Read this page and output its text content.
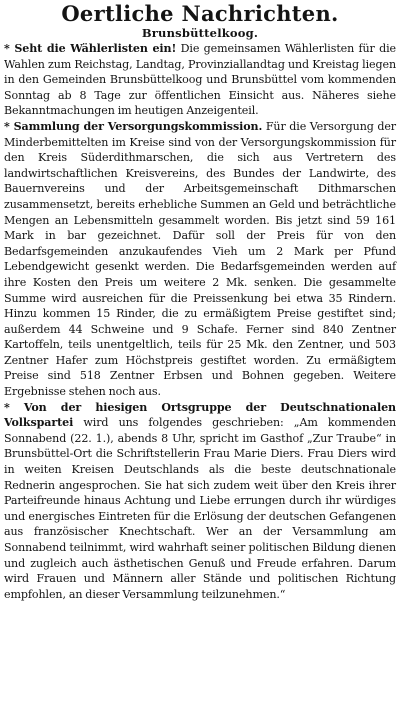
Oertliche Nachrichten.
Brunsbüttelkoog.

* Seht die Wählerlisten ein! Die gemeinsamen Wählerlisten für die Wahlen zum Reichstag, Landtag, Provinziallandtag und Kreistag liegen in den Gemeinden Brunsbüttelkoog und Brunsbüttel vom kommenden Sonntag ab 8 Tage zur öffentlichen Einsicht aus. Näheres siehe Bekanntmachungen im heutigen Anzeigenteil.

* Sammlung der Versorgungskommission. Für die Versorgung der Minderbemittelten im Kreise sind von der Versorgungskommission für den Kreis Süderdithmarschen, die sich aus Vertretern des landwirtschaftlichen Kreisvereins, des Bundes der Landwirte, des Bauernvereins und der Arbeitsgemeinschaft Dithmarschen zusammensetzt, bereits erhebliche Summen an Geld und beträchtliche Mengen an Lebensmitteln gesammelt worden. Bis jetzt sind 59 161 Mark in bar gezeichnet. Dafür soll der Preis für von den Bedarfsgemeinden anzukaufendes Vieh um 2 Mark per Pfund Lebendgewicht gesenkt werden. Die Bedarfsgemeinden werden auf ihre Kosten den Preis um weitere 2 Mk. senken. Die gesammelte Summe wird ausreichen für die Preissenkung bei etwa 35 Rindern. Hinzu kommen 15 Rinder, die zu ermäßigtem Preise gestiftet sind; außerdem 44 Schweine und 9 Schafe. Ferner sind 840 Zentner Kartoffeln, teils unentgeltlich, teils für 25 Mk. den Zentner, und 503 Zentner Hafer zum Höchstpreis gestiftet worden. Zu ermäßigtem Preise sind 518 Zentner Erbsen und Bohnen gegeben. Weitere Ergebnisse stehen noch aus.

* Von der hiesigen Ortsgruppe der Deutschnationalen Volkspartei wird uns folgendes geschrieben: „Am kommenden Sonnabend (22. 1.), abends 8 Uhr, spricht im Gasthof „Zur Traube“ in Brunsbüttel-Ort die Schriftstellerin Frau Marie Diers. Frau Diers wird in weiten Kreisen Deutschlands als die beste deutschnationale Rednerin angesprochen. Sie hat sich zudem weit über den Kreis ihrer Parteifreunde hinaus Achtung und Liebe errungen durch ihr würdiges und energisches Eintreten für die Erlösung der deutschen Gefangenen aus französischer Knechtschaft. Wer an der Versammlung am Sonnabend teilnimmt, wird wahrhaft seiner politischen Bildung dienen und zugleich auch ästhetischen Genuß und Freude erfahren. Darum wird Frauen und Männern aller Stände und politischen Richtung empfohlen, an dieser Versammlung teilzunehmen.“
